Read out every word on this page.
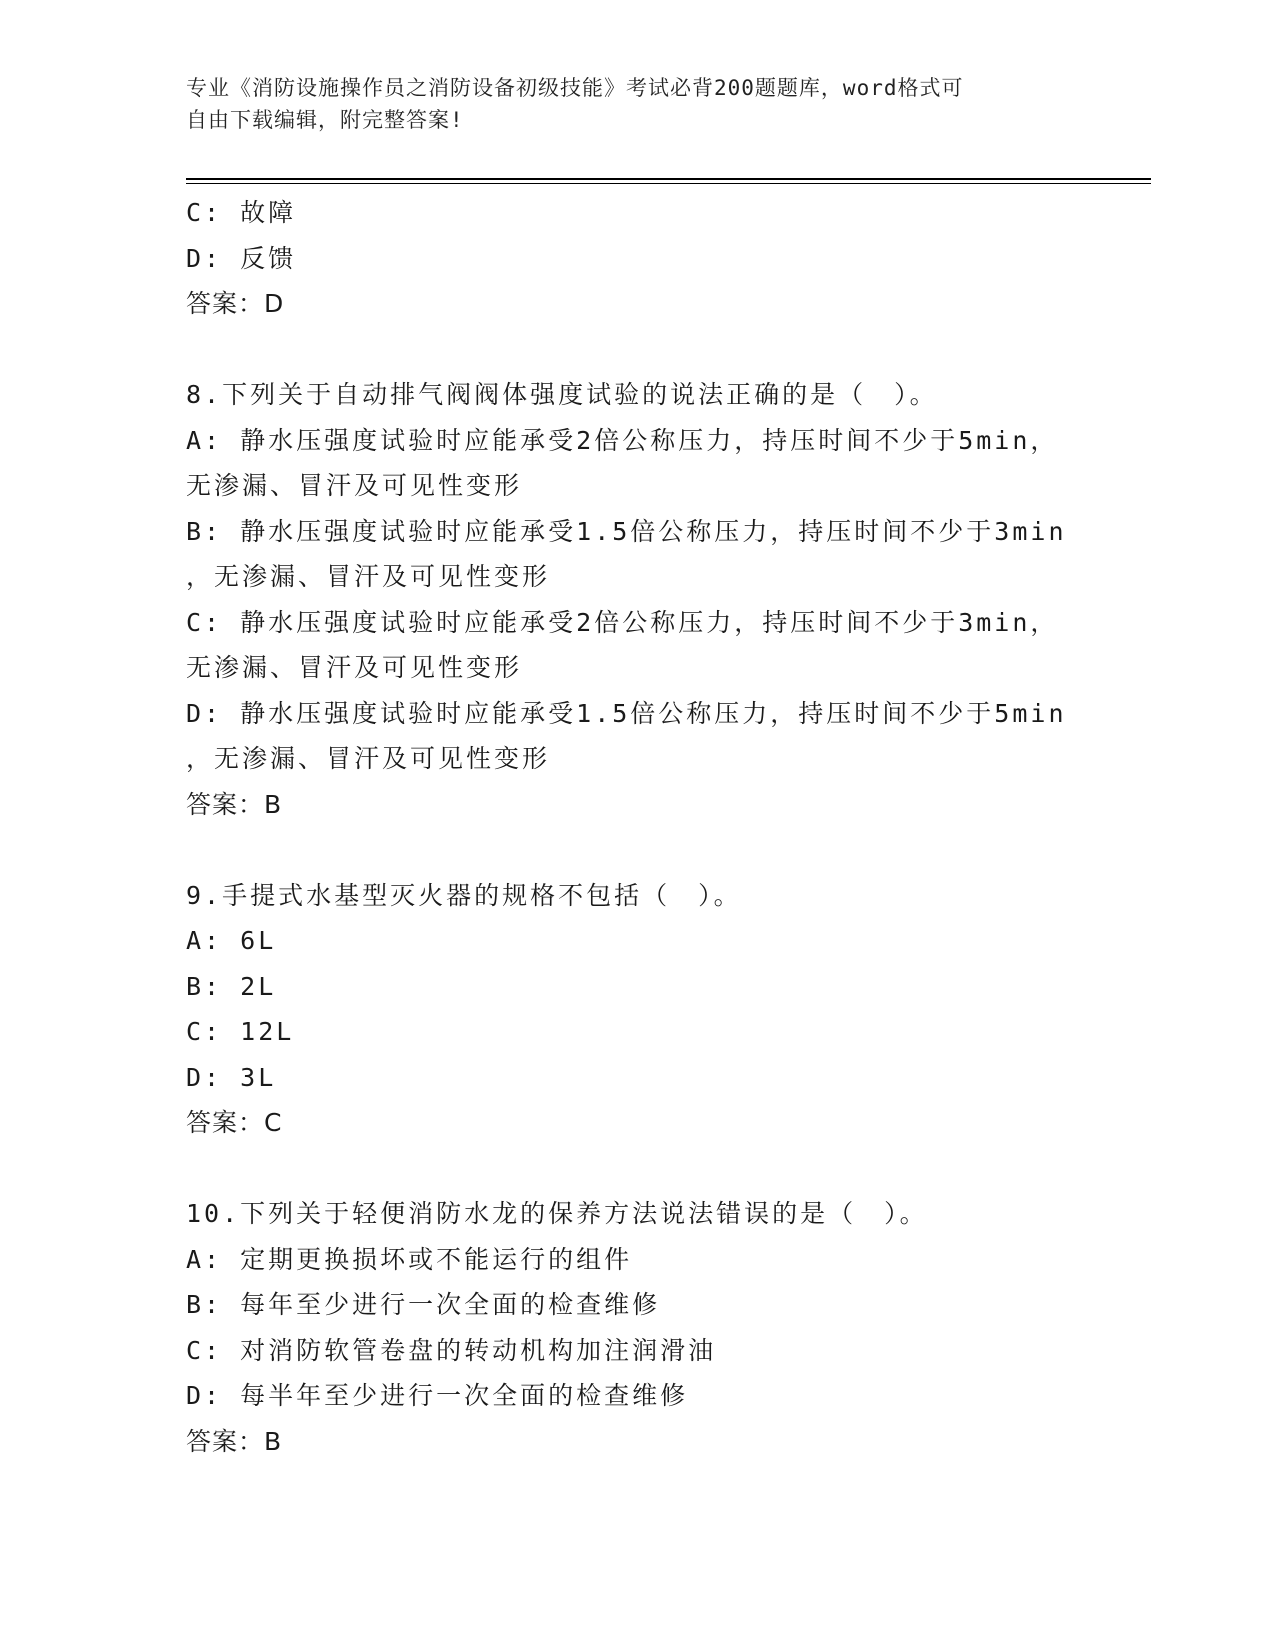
专业《消防设施操作员之消防设备初级技能》考试必背200题题库，word格式可

自由下载编辑，附完整答案!

C: 故障
D: 反馈
答案：D
8.下列关于自动排气阀阀体强度试验的说法正确的是（　）。
A: 静水压强度试验时应能承受2倍公称压力，持压时间不少于5min，
无渗漏、冒汗及可见性变形
B: 静水压强度试验时应能承受1.5倍公称压力，持压时间不少于3min
，无渗漏、冒汗及可见性变形
C: 静水压强度试验时应能承受2倍公称压力，持压时间不少于3min，
无渗漏、冒汗及可见性变形
D: 静水压强度试验时应能承受1.5倍公称压力，持压时间不少于5min
，无渗漏、冒汗及可见性变形
答案：B
9.手提式水基型灭火器的规格不包括（　）。
A: 6L
B: 2L
C: 12L
D: 3L
答案：C
10.下列关于轻便消防水龙的保养方法说法错误的是（　）。
A: 定期更换损坏或不能运行的组件
B: 每年至少进行一次全面的检查维修
C: 对消防软管卷盘的转动机构加注润滑油
D: 每半年至少进行一次全面的检查维修
答案：B
